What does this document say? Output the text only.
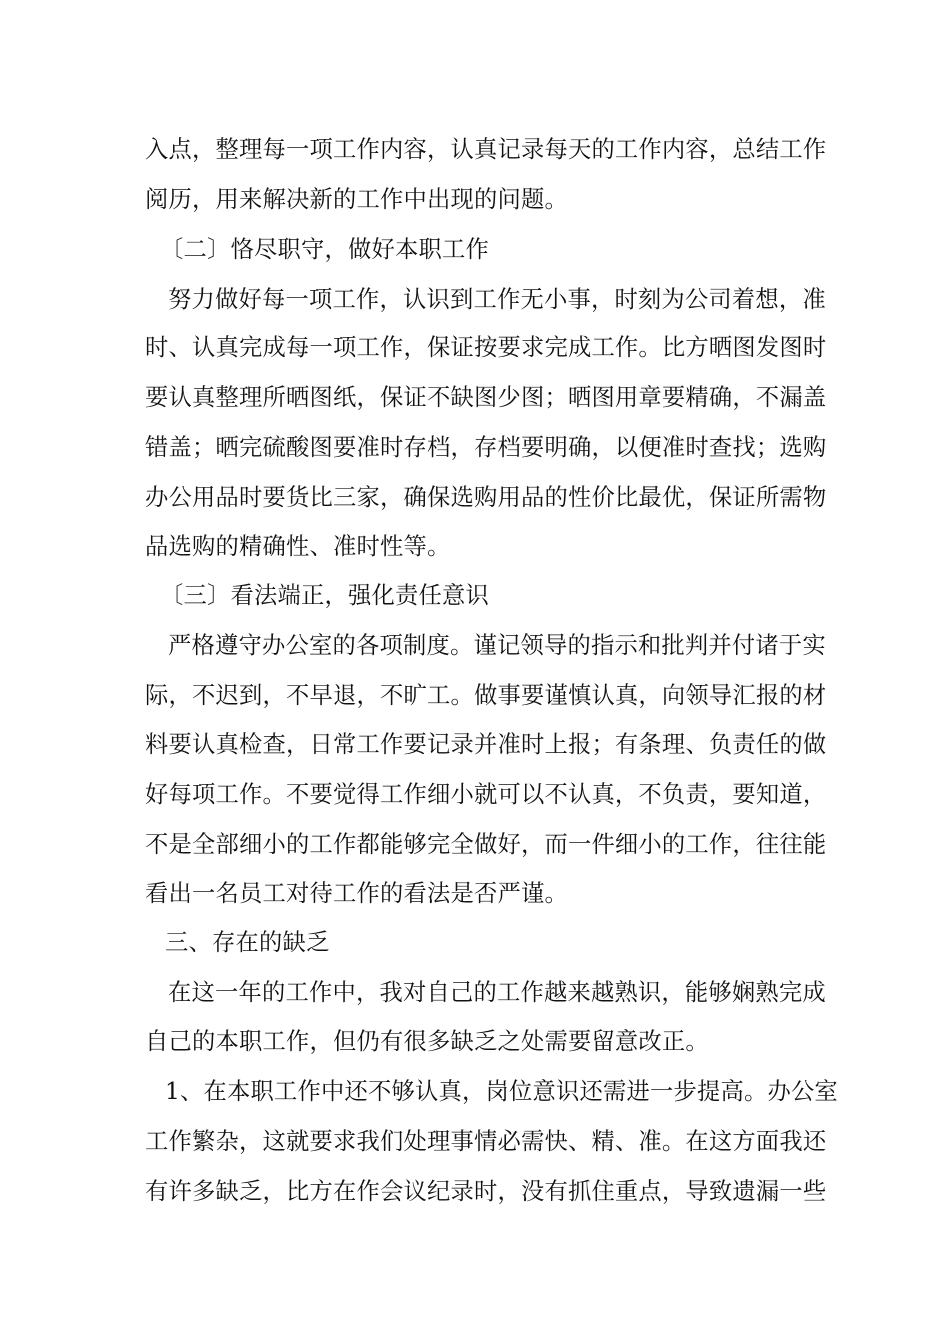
入点，整理每一项工作内容，认真记录每天的工作内容，总结工作
阅历，用来解决新的工作中出现的问题。
〔二〕恪尽职守，做好本职工作
努力做好每一项工作，认识到工作无小事，时刻为公司着想，准
时、认真完成每一项工作，保证按要求完成工作。比方晒图发图时
要认真整理所晒图纸，保证不缺图少图；晒图用章要精确，不漏盖
错盖；晒完硫酸图要准时存档，存档要明确，以便准时查找；选购
办公用品时要货比三家，确保选购用品的性价比最优，保证所需物
品选购的精确性、准时性等。
〔三〕看法端正，强化责任意识
严格遵守办公室的各项制度。谨记领导的指示和批判并付诸于实
际，不迟到，不早退，不旷工。做事要谨慎认真，向领导汇报的材
料要认真检查，日常工作要记录并准时上报；有条理、负责任的做
好每项工作。不要觉得工作细小就可以不认真，不负责，要知道，
不是全部细小的工作都能够完全做好，而一件细小的工作，往往能
看出一名员工对待工作的看法是否严谨。
三、存在的缺乏
在这一年的工作中，我对自己的工作越来越熟识，能够娴熟完成
自己的本职工作，但仍有很多缺乏之处需要留意改正。
1、在本职工作中还不够认真，岗位意识还需进一步提高。办公室
工作繁杂，这就要求我们处理事情必需快、精、准。在这方面我还
有许多缺乏，比方在作会议纪录时，没有抓住重点，导致遗漏一些
